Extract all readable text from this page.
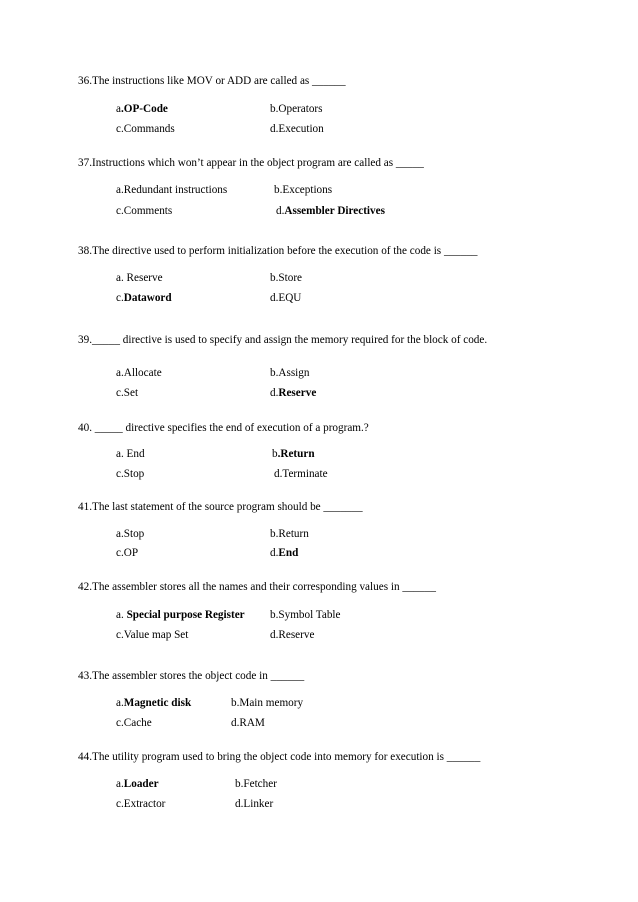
36.The instructions like MOV or ADD are called as ______
a.OP-Code	b.Operators
c.Commands	d.Execution
37.Instructions which won’t appear in the object program are called as _____
a.Redundant instructions	b.Exceptions
c.Comments	d.Assembler Directives
38.The directive used to perform initialization before the execution of the code is ______
a. Reserve	b.Store
c.Dataword	d.EQU
39._____ directive is used to specify and assign the memory required for the block of code.
a.Allocate	b.Assign
c.Set	d.Reserve
40. _____ directive specifies the end of execution of a program.?
a. End	b.Return
c.Stop	d.Terminate
41.The last statement of the source program should be _______
a.Stop	b.Return
c.OP	d.End
42.The assembler stores all the names and their corresponding values in ______
a. Special purpose Register b.Symbol Table
c.Value map Set	d.Reserve
43.The assembler stores the object code in ______
a.Magnetic disk	b.Main memory
c.Cache	d.RAM
44.The utility program used to bring the object code into memory for execution is ______
a.Loader	b.Fetcher
c.Extractor	d.Linker
